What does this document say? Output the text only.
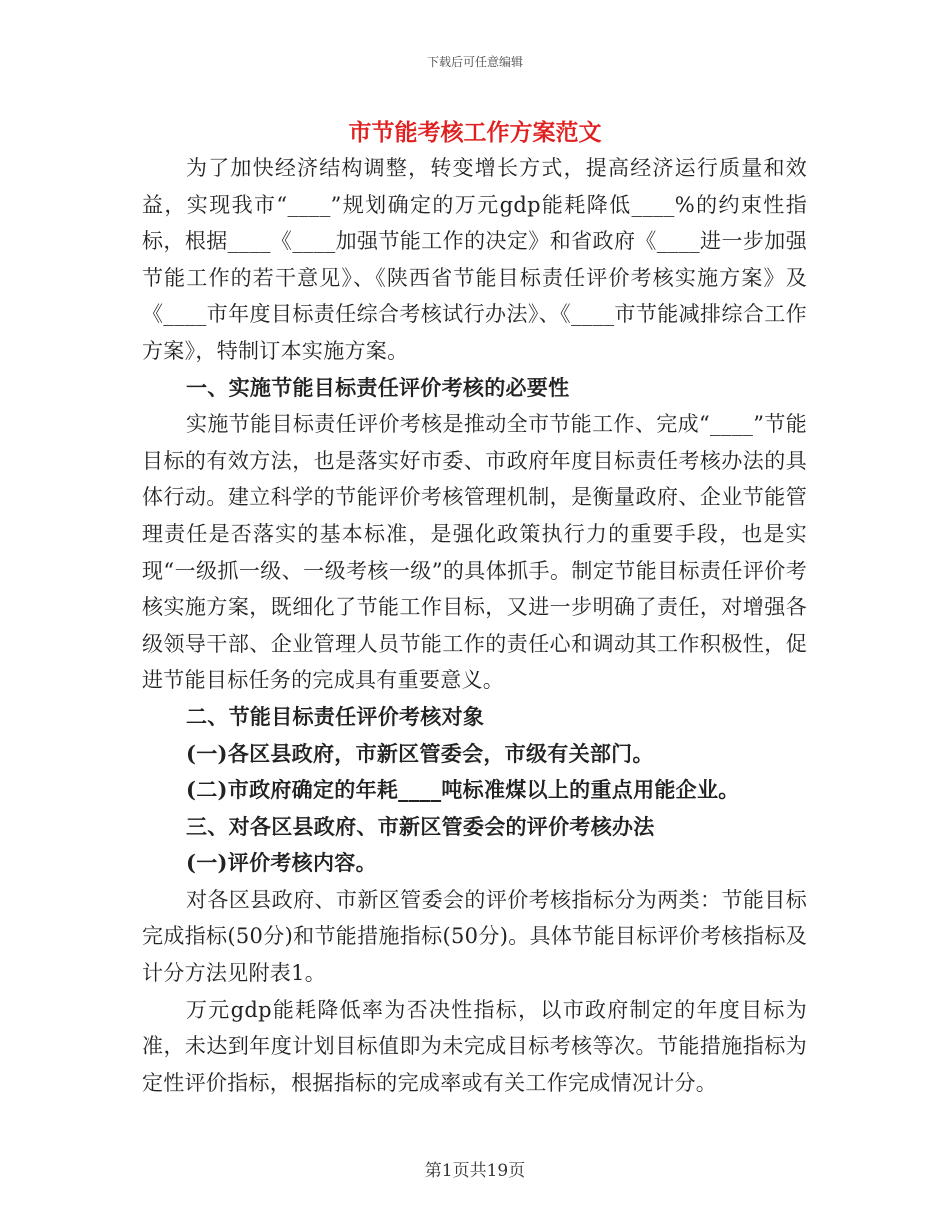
下载后可任意编辑
市节能考核工作方案范文

为了加快经济结构调整，转变增长方式，提高经济运行质量和效益，实现我市“____”规划确定的万元gdp能耗降低____%的约束性指标，根据____《____加强节能工作的决定》和省政府《____进一步加强节能工作的若干意见》、《陕西省节能目标责任评价考核实施方案》及《____市年度目标责任综合考核试行办法》、《____市节能减排综合工作方案》，特制订本实施方案。

一、实施节能目标责任评价考核的必要性

实施节能目标责任评价考核是推动全市节能工作、完成“____”节能目标的有效方法，也是落实好市委、市政府年度目标责任考核办法的具体行动。建立科学的节能评价考核管理机制，是衡量政府、企业节能管理责任是否落实的基本标准，是强化政策执行力的重要手段，也是实现“一级抓一级、一级考核一级”的具体抓手。制定节能目标责任评价考核实施方案，既细化了节能工作目标，又进一步明确了责任，对增强各级领导干部、企业管理人员节能工作的责任心和调动其工作积极性，促进节能目标任务的完成具有重要意义。

二、节能目标责任评价考核对象

(一)各区县政府，市新区管委会，市级有关部门。

(二)市政府确定的年耗____吨标准煤以上的重点用能企业。

三、对各区县政府、市新区管委会的评价考核办法

(一)评价考核内容。

对各区县政府、市新区管委会的评价考核指标分为两类：节能目标完成指标(50分)和节能措施指标(50分)。具体节能目标评价考核指标及计分方法见附表1。

万元gdp能耗降低率为否决性指标，以市政府制定的年度目标为准，未达到年度计划目标值即为未完成目标考核等次。节能措施指标为定性评价指标，根据指标的完成率或有关工作完成情况计分。

第1页共19页
